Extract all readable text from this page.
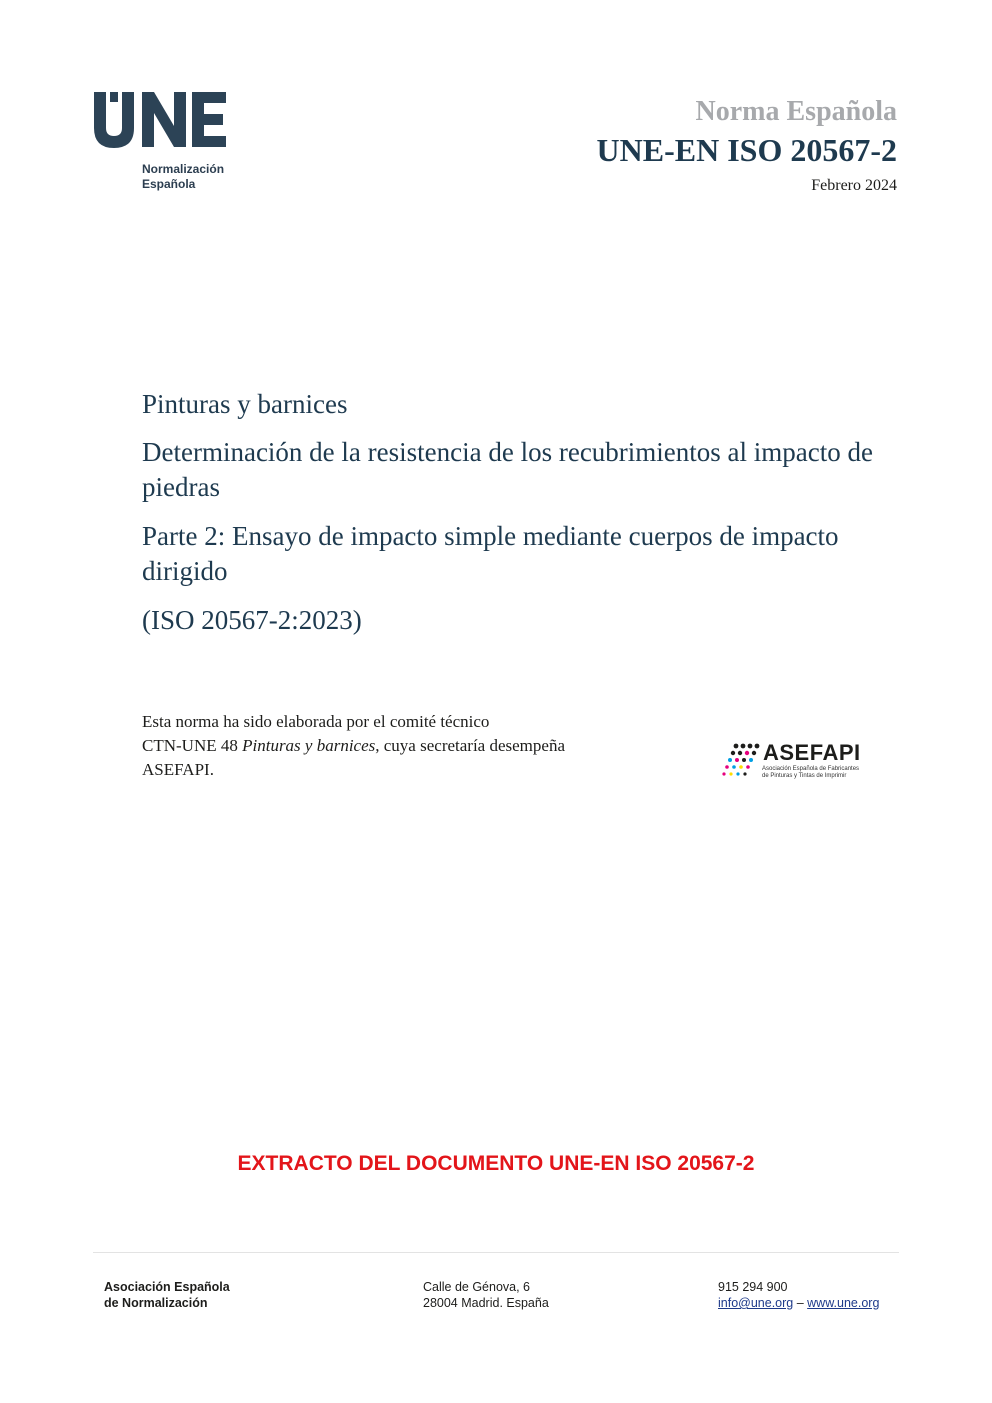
Normalización
Española
Norma Española
UNE-EN ISO 20567-2
Febrero 2024
Pinturas y barnices
Determinación de la resistencia de los recubrimientos al impacto de piedras
Parte 2: Ensayo de impacto simple mediante cuerpos de impacto dirigido
(ISO 20567-2:2023)
Esta norma ha sido elaborada por el comité técnico
CTN-UNE 48 Pinturas y barnices, cuya secretaría desempeña
ASEFAPI.
ASEFAPI
Asociación Española de Fabricantes
de Pinturas y Tintas de Imprimir
EXTRACTO DEL DOCUMENTO UNE-EN ISO 20567-2
Asociación Española
de Normalización
Calle de Génova, 6
28004 Madrid. España
915 294 900
info@une.org – www.une.org
